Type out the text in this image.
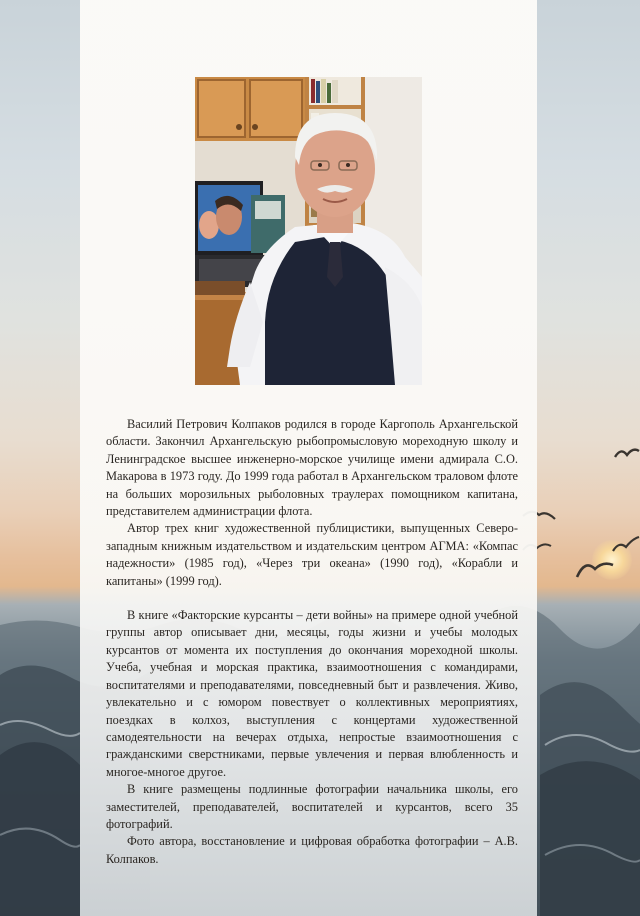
Василий Петрович Колпаков родился в городе Каргополь Архангельской области. Закончил Архангельскую рыбопромысловую мореходную школу и Ленинградское высшее инженерно-морское училище имени адмирала С.О. Макарова в 1973 году. До 1999 года работал в Архангельском траловом флоте на больших морозильных рыболовных траулерах помощником капитана, представителем администрации флота.

Автор трех книг художественной публицистики, выпущенных Северо-западным книжным издательством и издательским центром АГМА: «Компас надежности» (1985 год), «Через три океана» (1990 год), «Корабли и капитаны» (1999 год).

В книге «Факторские курсанты – дети войны» на примере одной учебной группы автор описывает дни, месяцы, годы жизни и учебы молодых курсантов от момента их поступления до окончания мореходной школы. Учеба, учебная и морская практика, взаимоотношения с командирами, воспитателями и преподавателями, повседневный быт и развлечения. Живо, увлекательно и с юмором повествует о коллективных мероприятиях, поездках в колхоз, выступления с концертами художественной самодеятельности на вечерах отдыха, непростые взаимоотношения с гражданскими сверстниками, первые увлечения и первая влюбленность и многое-многое другое.

В книге размещены подлинные фотографии начальника школы, его заместителей, преподавателей, воспитателей и курсантов, всего 35 фотографий.

Фото автора, восстановление и цифровая обработка фотографии – А.В. Колпаков.
